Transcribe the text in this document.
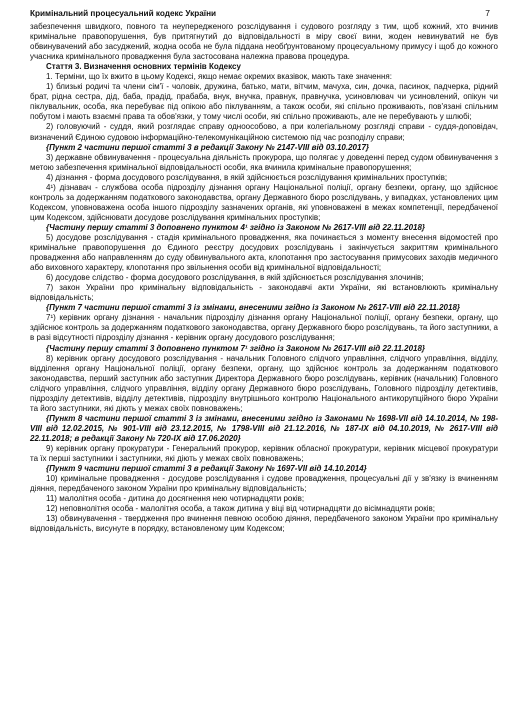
Кримінальний процесуальний кодекс України	7

забезпечення швидкого, повного та неупередженого розслідування і судового розгляду з тим, щоб кожний, хто вчинив кримінальне правопорушення, був притягнутий до відповідальності в міру своєї вини, жоден невинуватий не був обвинувачений або засуджений, жодна особа не була піддана необґрунтованому процесуальному примусу і щоб до кожного учасника кримінального провадження була застосована належна правова процедура.

Стаття 3. Визначення основних термінів Кодексу

1. Терміни, що їх вжито в цьому Кодексі, якщо немає окремих вказівок, мають таке значення:

1) близькі родичі та члени сім'ї - чоловік, дружина, батько, мати, вітчим, мачуха, син, дочка, пасинок, падчерка, рідний брат, рідна сестра, дід, баба, прадід, прабаба, внук, внучка, правнук, правнучка, усиновлювач чи усиновлений, опікун чи піклувальник, особа, яка перебуває під опікою або піклуванням, а також особи, які спільно проживають, пов'язані спільним побутом і мають взаємні права та обов'язки, у тому числі особи, які спільно проживають, але не перебувають у шлюбі;

2) головуючий - суддя, який розглядає справу одноособово, а при колегіальному розгляді справи - суддя-доповідач, визначений Єдиною судовою інформаційно-телекомунікаційною системою під час розподілу справи;

{Пункт 2 частини першої статті 3 в редакції Закону № 2147-VIII від 03.10.2017}

3) державне обвинувачення - процесуальна діяльність прокурора, що полягає у доведенні перед судом обвинувачення з метою забезпечення кримінальної відповідальності особи, яка вчинила кримінальне правопорушення;

4) дізнання - форма досудового розслідування, в якій здійснюється розслідування кримінальних проступків;

4¹) дізнавач - службова особа підрозділу дізнання органу Національної поліції, органу безпеки, органу, що здійснює контроль за додержанням податкового законодавства, органу Державного бюро розслідувань, у випадках, установлених цим Кодексом, уповноважена особа іншого підрозділу зазначених органів, які уповноважені в межах компетенції, передбаченої цим Кодексом, здійснювати досудове розслідування кримінальних проступків;

{Частину першу статті 3 доповнено пунктом 4¹ згідно із Законом № 2617-VIII від 22.11.2018}

5) досудове розслідування - стадія кримінального провадження, яка починається з моменту внесення відомостей про кримінальне правопорушення до Єдиного реєстру досудових розслідувань і закінчується закриттям кримінального провадження або направленням до суду обвинувального акта, клопотання про застосування примусових заходів медичного або виховного характеру, клопотання про звільнення особи від кримінальної відповідальності;

6) досудове слідство - форма досудового розслідування, в якій здійснюється розслідування злочинів;

7) закон України про кримінальну відповідальність - законодавчі акти України, які встановлюють кримінальну відповідальність;

{Пункт 7 частини першої статті 3 із змінами, внесеними згідно із Законом № 2617-VIII від 22.11.2018}

7¹) керівник органу дізнання - начальник підрозділу дізнання органу Національної поліції, органу безпеки, органу, що здійснює контроль за додержанням податкового законодавства, органу Державного бюро розслідувань, та його заступники, а в разі відсутності підрозділу дізнання - керівник органу досудового розслідування;

{Частину першу статті 3 доповнено пунктом 7¹ згідно із Законом № 2617-VIII від 22.11.2018}

8) керівник органу досудового розслідування - начальник Головного слідчого управління, слідчого управління, відділу, відділення органу Національної поліції, органу безпеки, органу, що здійснює контроль за додержанням податкового законодавства, перший заступник або заступник Директора Державного бюро розслідувань, керівник (начальник) Головного слідчого управління, слідчого управління, відділу органу Державного бюро розслідувань, Головного підрозділу детективів, підрозділу детективів, відділу детективів, підрозділу внутрішнього контролю Національного антикорупційного бюро України та його заступники, які діють у межах своїх повноважень;

{Пункт 8 частини першої статті 3 із змінами, внесеними згідно із Законами № 1698-VII від 14.10.2014, № 198-VIII від 12.02.2015, № 901-VIII від 23.12.2015, № 1798-VIII від 21.12.2016, № 187-IX від 04.10.2019, № 2617-VIII від 22.11.2018; в редакції Закону № 720-IX від 17.06.2020}

9) керівник органу прокуратури - Генеральний прокурор, керівник обласної прокуратури, керівник місцевої прокуратури та їх перші заступники і заступники, які діють у межах своїх повноважень;

{Пункт 9 частини першої статті 3 в редакції Закону № 1697-VII від 14.10.2014}

10) кримінальне провадження - досудове розслідування і судове провадження, процесуальні дії у зв'язку із вчиненням діяння, передбаченого законом України про кримінальну відповідальність;

11) малолітня особа - дитина до досягнення нею чотирнадцяти років;

12) неповнолітня особа - малолітня особа, а також дитина у віці від чотирнадцяти до вісімнадцяти років;

13) обвинувачення - твердження про вчинення певною особою діяння, передбаченого законом України про кримінальну відповідальність, висунуте в порядку, встановленому цим Кодексом;
